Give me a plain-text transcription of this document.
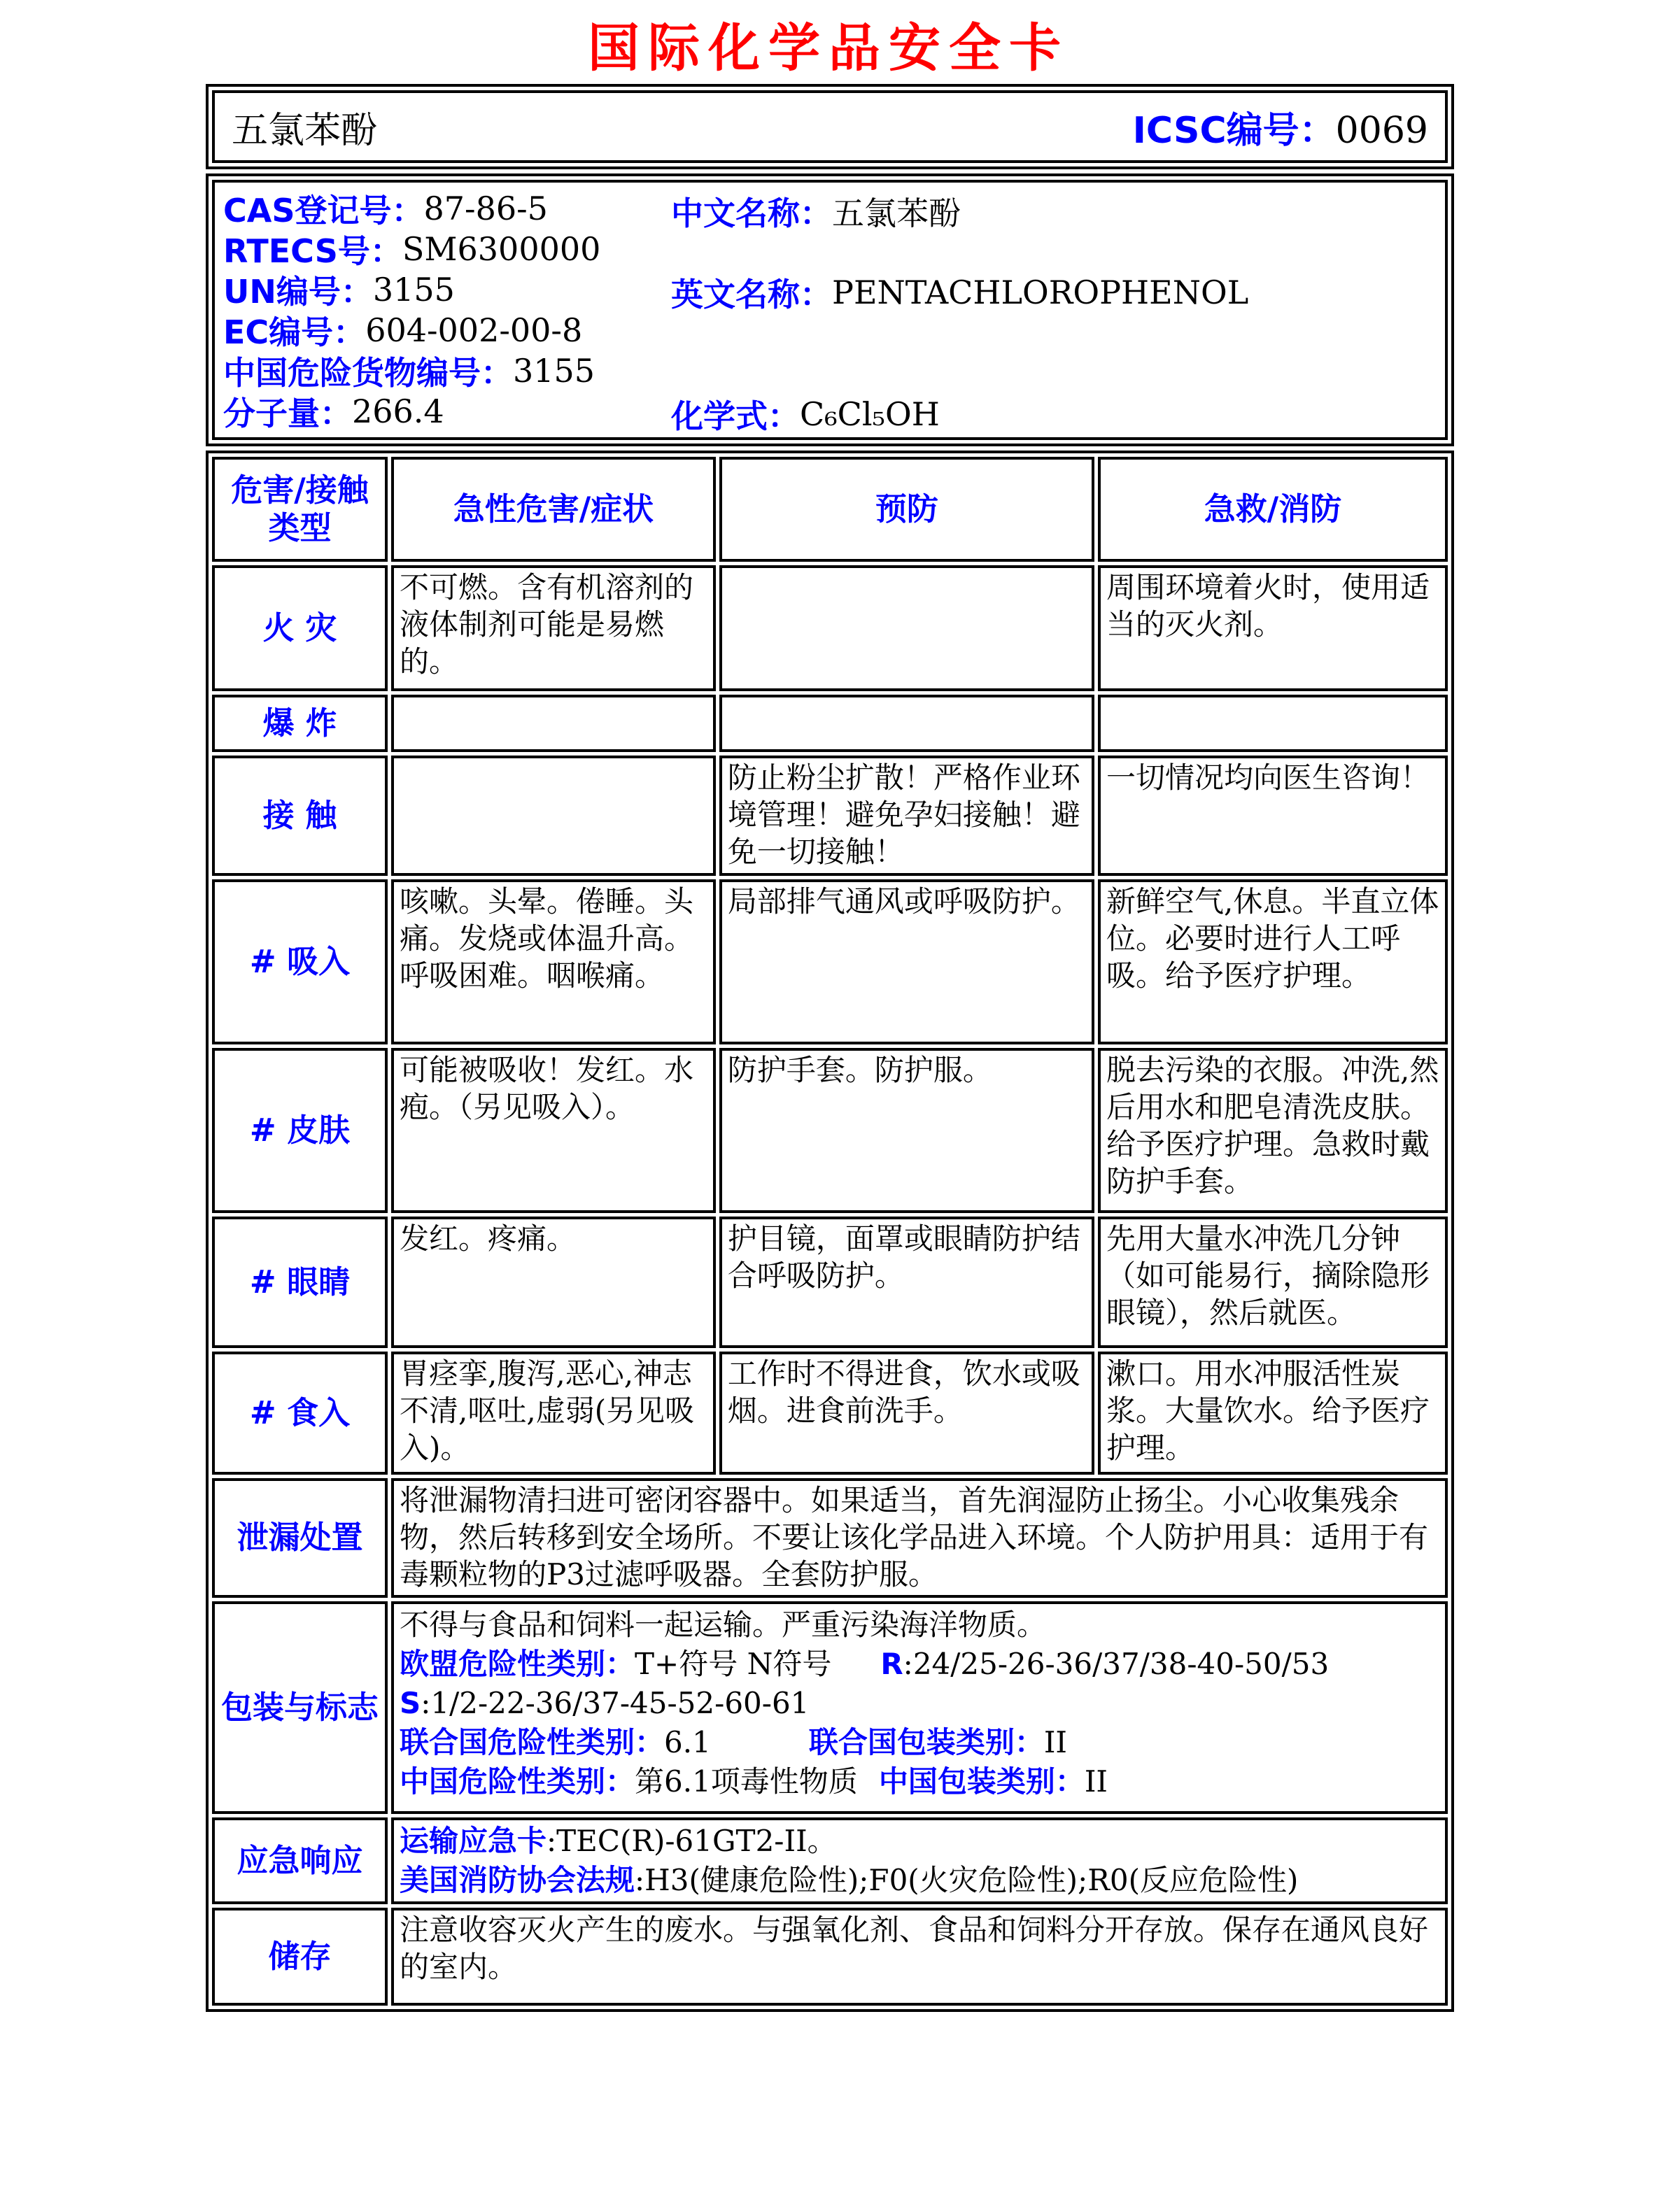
国际化学品安全卡
五氯苯酚	ICSC编号：0069
CAS登记号： 87-86-5
RTECS号： SM6300000
UN编号： 3155
EC编号： 604-002-00-8
中国危险货物编号： 3155
分子量： 266.4
中文名称： 五氯苯酚
英文名称： PENTACHLOROPHENOL
化学式： C₆Cl₅OH
危害/接触类型	急性危害/症状	预防	急救/消防
火 灾	不可燃。含有机溶剂的液体制剂可能是易燃的。		周围环境着火时，使用适当的灭火剂。
爆 炸			
接 触		防止粉尘扩散！严格作业环境管理！避免孕妇接触！避免一切接触！	一切情况均向医生咨询！
# 吸入	咳嗽。头晕。倦睡。头痛。发烧或体温升高。呼吸困难。咽喉痛。	局部排气通风或呼吸防护。	新鲜空气,休息。半直立体位。必要时进行人工呼吸。给予医疗护理。
# 皮肤	可能被吸收！发红。水疱。（另见吸入）。	防护手套。防护服。	脱去污染的衣服。冲洗,然后用水和肥皂清洗皮肤。给予医疗护理。急救时戴防护手套。
# 眼睛	发红。疼痛。	护目镜，面罩或眼睛防护结合呼吸防护。	先用大量水冲洗几分钟（如可能易行，摘除隐形眼镜），然后就医。
# 食入	胃痉挛,腹泻,恶心,神志不清,呕吐,虚弱(另见吸入)。	工作时不得进食，饮水或吸烟。进食前洗手。	漱口。用水冲服活性炭浆。大量饮水。给予医疗护理。
泄漏处置	将泄漏物清扫进可密闭容器中。如果适当，首先润湿防止扬尘。小心收集残余物，然后转移到安全场所。不要让该化学品进入环境。个人防护用具：适用于有毒颗粒物的P3过滤呼吸器。全套防护服。		
包装与标志	不得与食品和饲料一起运输。严重污染海洋物质。
欧盟危险性类别：T+符号 N符号 R:24/25-26-36/37/38-40-50/53
S:1/2-22-36/37-45-52-60-61
联合国危险性类别：6.1 联合国包装类别：II
中国危险性类别：第6.1项毒性物质 中国包装类别：II		

应急响应	运输应急卡:TEC(R)-61GT2-II。
美国消防协会法规:H3(健康危险性);F0(火灾危险性);R0(反应危险性)		

储存	注意收容灭火产生的废水。与强氧化剂、食品和饲料分开存放。保存在通风良好的室内。		
